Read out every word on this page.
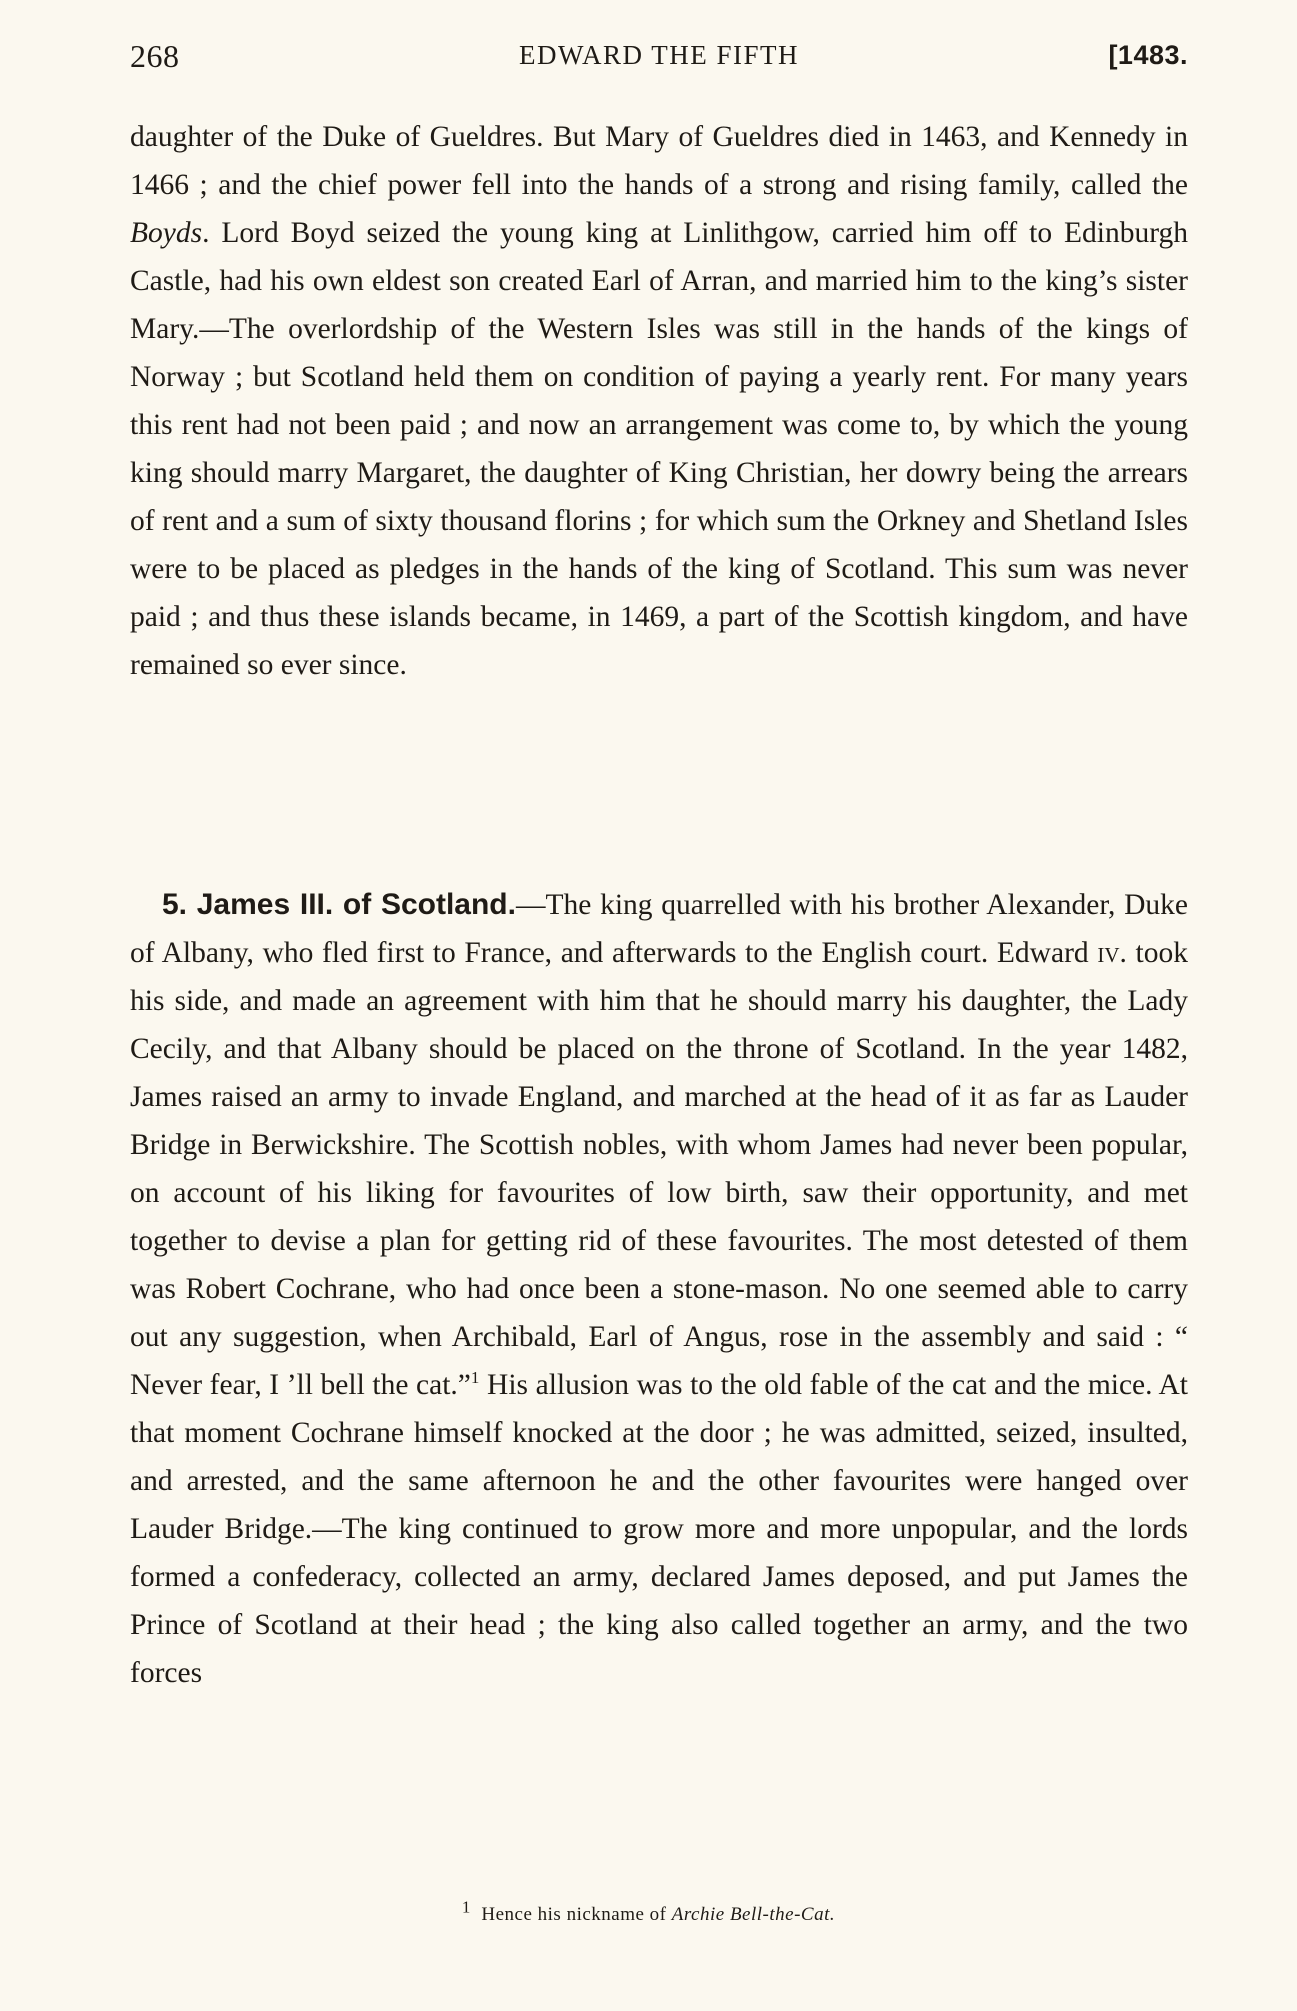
268	EDWARD THE FIFTH	[1483.

daughter of the Duke of Gueldres. But Mary of Gueldres died in 1463, and Kennedy in 1466 ; and the chief power fell into the hands of a strong and rising family, called the Boyds. Lord Boyd seized the young king at Linlithgow, carried him off to Edinburgh Castle, had his own eldest son created Earl of Arran, and married him to the king’s sister Mary.—The overlordship of the Western Isles was still in the hands of the kings of Norway ; but Scotland held them on condition of paying a yearly rent. For many years this rent had not been paid ; and now an arrangement was come to, by which the young king should marry Margaret, the daughter of King Christian, her dowry being the arrears of rent and a sum of sixty thousand florins ; for which sum the Orkney and Shetland Isles were to be placed as pledges in the hands of the king of Scotland. This sum was never paid ; and thus these islands became, in 1469, a part of the Scottish kingdom, and have remained so ever since.

5. James III. of Scotland.—The king quarrelled with his brother Alexander, Duke of Albany, who fled first to France, and afterwards to the English court. Edward iv. took his side, and made an agreement with him that he should marry his daughter, the Lady Cecily, and that Albany should be placed on the throne of Scotland. In the year 1482, James raised an army to invade England, and marched at the head of it as far as Lauder Bridge in Berwickshire. The Scottish nobles, with whom James had never been popular, on account of his liking for favourites of low birth, saw their opportunity, and met together to devise a plan for getting rid of these favourites. The most detested of them was Robert Cochrane, who had once been a stone-mason. No one seemed able to carry out any suggestion, when Archibald, Earl of Angus, rose in the assembly and said : “ Never fear, I ’ll bell the cat.”$^1$ His allusion was to the old fable of the cat and the mice. At that moment Cochrane himself knocked at the door ; he was admitted, seized, insulted, and arrested, and the same afternoon he and the other favourites were hanged over Lauder Bridge.—The king continued to grow more and more unpopular, and the lords formed a confederacy, collected an army, declared James deposed, and put James the Prince of Scotland at their head ; the king also called together an army, and the two forces

$^1$ Hence his nickname of Archie Bell-the-Cat.
